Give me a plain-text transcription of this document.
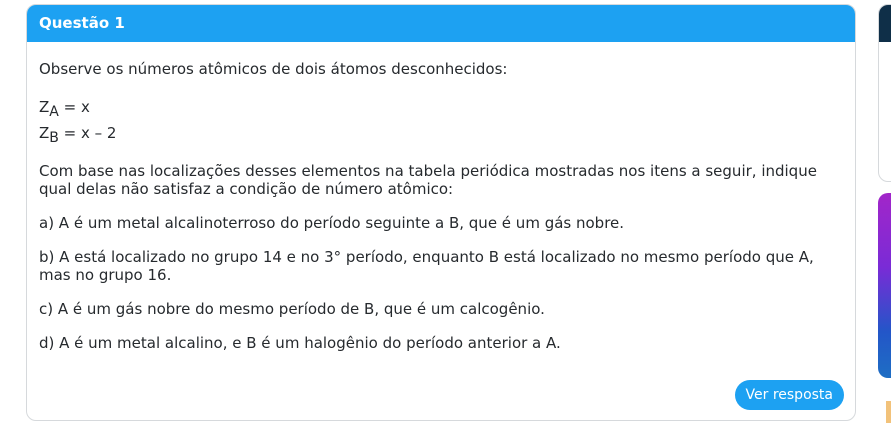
Questão 1

Observe os números atômicos de dois átomos desconhecidos:

$Z_A = x$
$Z_B = x - 2$

Com base nas localizações desses elementos na tabela periódica mostradas nos itens a seguir, indique qual delas não satisfaz a condição de número atômico:

a) A é um metal alcalinoterroso do período seguinte a B, que é um gás nobre.

b) A está localizado no grupo 14 e no 3° período, enquanto B está localizado no mesmo período que A, mas no grupo 16.

c) A é um gás nobre do mesmo período de B, que é um calcogênio.

d) A é um metal alcalino, e B é um halogênio do período anterior a A.

Ver resposta
